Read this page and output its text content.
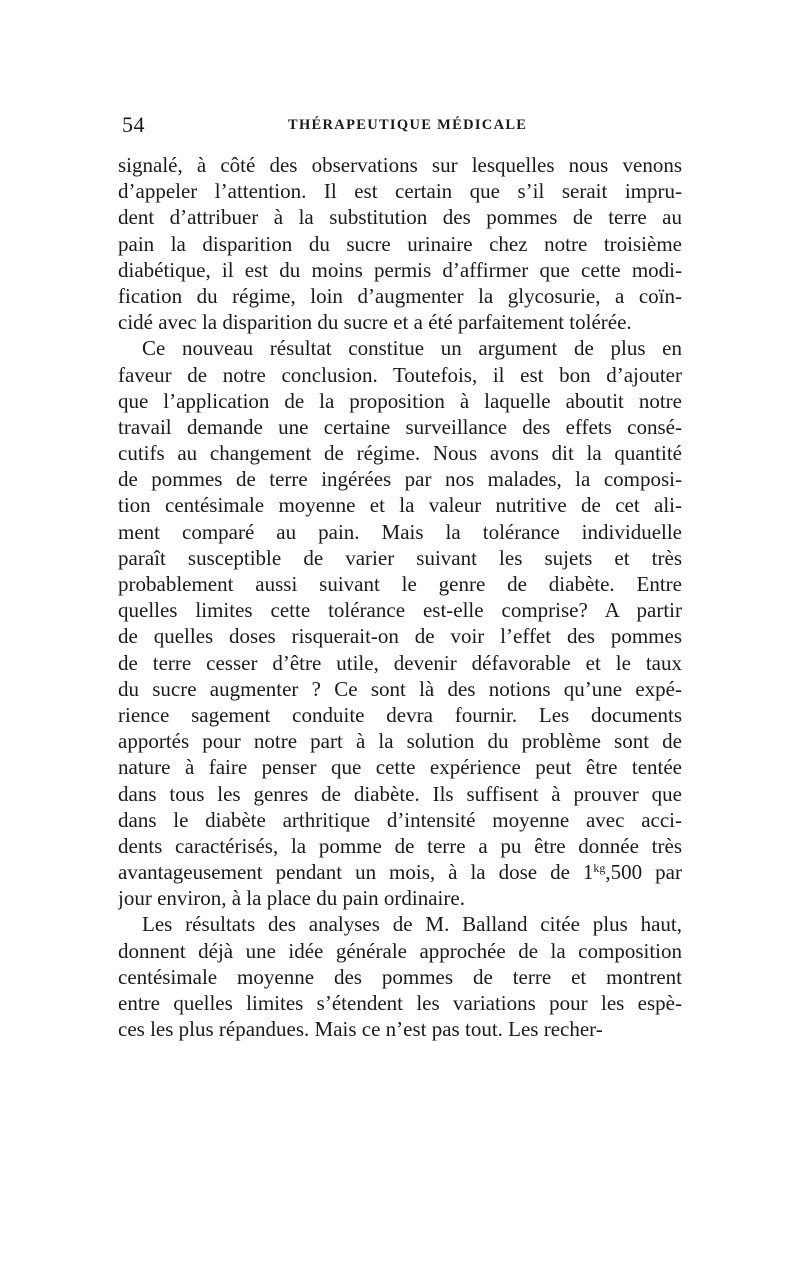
54	THÉRAPEUTIQUE MÉDICALE
signalé, à côté des observations sur lesquelles nous venons
d’appeler l’attention. Il est certain que s’il serait impru-
dent d’attribuer à la substitution des pommes de terre au
pain la disparition du sucre urinaire chez notre troisième
diabétique, il est du moins permis d’affirmer que cette modi-
fication du régime, loin d’augmenter la glycosurie, a coïn-
cidé avec la disparition du sucre et a été parfaitement tolérée.
Ce nouveau résultat constitue un argument de plus en
faveur de notre conclusion. Toutefois, il est bon d’ajouter
que l’application de la proposition à laquelle aboutit notre
travail demande une certaine surveillance des effets consé-
cutifs au changement de régime. Nous avons dit la quantité
de pommes de terre ingérées par nos malades, la composi-
tion centésimale moyenne et la valeur nutritive de cet ali-
ment comparé au pain. Mais la tolérance individuelle
paraît susceptible de varier suivant les sujets et très
probablement aussi suivant le genre de diabète. Entre
quelles limites cette tolérance est-elle comprise? A partir
de quelles doses risquerait-on de voir l’effet des pommes
de terre cesser d’être utile, devenir défavorable et le taux
du sucre augmenter ? Ce sont là des notions qu’une expé-
rience sagement conduite devra fournir. Les documents
apportés pour notre part à la solution du problème sont de
nature à faire penser que cette expérience peut être tentée
dans tous les genres de diabète. Ils suffisent à prouver que
dans le diabète arthritique d’intensité moyenne avec acci-
dents caractérisés, la pomme de terre a pu être donnée très
avantageusement pendant un mois, à la dose de $1^{kg},500$ par
jour environ, à la place du pain ordinaire.
Les résultats des analyses de M. Balland citée plus haut,
donnent déjà une idée générale approchée de la composition
centésimale moyenne des pommes de terre et montrent
entre quelles limites s’étendent les variations pour les espè-
ces les plus répandues. Mais ce n’est pas tout. Les recher-
